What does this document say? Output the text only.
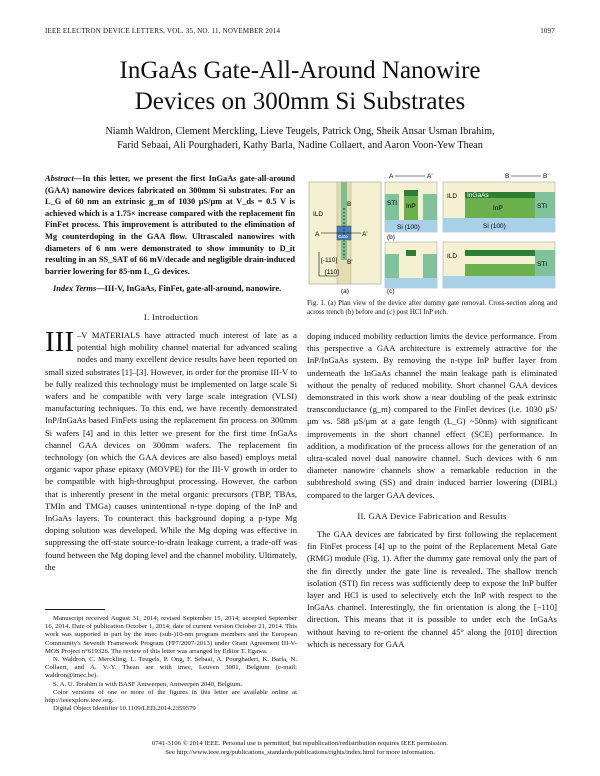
IEEE ELECTRON DEVICE LETTERS, VOL. 35, NO. 11, NOVEMBER 2014	1097
InGaAs Gate-All-Around Nanowire
Devices on 300mm Si Substrates
Niamh Waldron, Clement Merckling, Lieve Teugels, Patrick Ong, Sheik Ansar Usman Ibrahim,
Farid Sebaai, Ali Pourghaderi, Kathy Barla, Nadine Collaert, and Aaron Voon-Yew Thean

Abstract—In this letter, we present the first InGaAs gate-all-around (GAA) nanowire devices fabricated on 300mm Si substrates. For an L_G of 60 nm an extrinsic g_m of 1030 μS/μm at V_ds = 0.5 V is achieved which is a 1.75× increase compared with the replacement fin FinFet process. This improvement is attributed to the elimination of Mg counterdoping in the GAA flow. Ultrascaled nanowires with diameters of 6 nm were demonstrated to show immunity to D_it resulting in an SS_SAT of 66 mV/decade and negligible drain-induced barrier lowering for 85-nm L_G devices.

Index Terms—III-V, InGaAs, FinFet, gate-all-around, nanowire.

I. Introduction
III –V MATERIALS have attracted much interest of late as a potential high mobility channel material for advanced scaling nodes and many excellent device results have been reported on small sized substrates [1]–[3]. However, in order for the promise III-V to be fully realized this technology must be implemented on large scale Si wafers and be compatible with very large scale integration (VLSI) manufacturing techniques. To this end, we have recently demonstrated InP/InGaAs based FinFets using the replacement fin process on 300mm Si wafers [4] and in this letter we present for the first time InGaAs channel GAA devices on 300mm wafers. The replacement fin technology (on which the GAA devices are also based) employs metal organic vapor phase epitaxy (MOVPE) for the III-V growth in order to be compatible with high-throughput processing. However, the carbon that is inherently present in the metal organic precursors (TBP, TBAs, TMIn and TMGa) causes unintentional n-type doping of the InP and InGaAs layers. To counteract this background doping a p-type Mg doping solution was developed. While the Mg doping was effective in suppressing the off-state source-to-drain leakage current, a trade-off was found between the Mg doping level and the channel mobility. Ultimately, the

Manuscript received August 31, 2014; revised September 15, 2014; accepted September 16, 2014. Date of publication October 1, 2014; date of current version October 21, 2014. This work was supported in part by the imec (sub-)10-nm program members and the European Community's Seventh Framework Program (FP7/2007-2013) under Grant Agreement III-V-MOS Project n°619326. The review of this letter was arranged by Editor T. Egawa.

N. Waldron, C. Merckling, L. Teugels, P. Ong, F. Sebaai, A. Pourghaderi, K. Barla, N. Collaert, and A. V.-Y. Thean are with imec, Leuven 3001, Belgium (e-mail: waldron@imec.be).

S. A. U. Ibrahim is with BASF Antwerpen, Antwerpen 2040, Belgium.

Color versions of one or more of the figures in this letter are available online at http://ieeexplore.ieee.org.

Digital Object Identifier 10.1109/LED.2014.2359579

ILD
A	A'
B
B'
Gate
[-110]
[110]
(a)
A	A'	B	B'
STI InP
Si (100)
(b)
ILD InGaAs
InP	STI
Si (100)
(c)
ILD
STI
Fig. 1. (a) Plan view of the device after dummy gate removal. Cross-section along and across trench (b) before and (c) post HCl InP etch.

doping induced mobility reduction limits the device performance. From this perspective a GAA architecture is extremely attractive for the InP/InGaAs system. By removing the n-type InP buffer layer from underneath the InGaAs channel the main leakage path is eliminated without the penalty of reduced mobility. Short channel GAA devices demonstrated in this work show a near doubling of the peak extrinsic transconductance (g_m) compared to the FinFet devices (i.e. 1030 μS/μm vs. 588 μS/μm at a gate length (L_G) ~50nm) with significant improvements in the short channel effect (SCE) performance. In addition, a modification of the process allows for the generation of an ultra-scaled novel dual nanowire channel. Such devices with 6 nm diameter nanowire channels show a remarkable reduction in the subthreshold swing (SS) and drain induced barrier lowering (DIBL) compared to the larger GAA devices.

II. GAA Device Fabrication and Results

The GAA devices are fabricated by first following the replacement fin FinFet process [4] up to the point of the Replacement Metal Gate (RMG) module (Fig. 1). After the dummy gate removal only the part of the fin directly under the gate line is revealed. The shallow trench isolation (STI) fin recess was sufficiently deep to expose the InP buffer layer and HCl is used to selectively etch the InP with respect to the InGaAs channel. Interestingly, the fin orientation is along the [−110] direction. This means that it is possible to under etch the InGaAs without having to re-orient the channel 45° along the [010] direction which is necessary for GAA

0741-3106 © 2014 IEEE. Personal use is permitted, but republication/redistribution requires IEEE permission.
See http://www.ieee.org/publications_standards/publications/rights/index.html for more information.
